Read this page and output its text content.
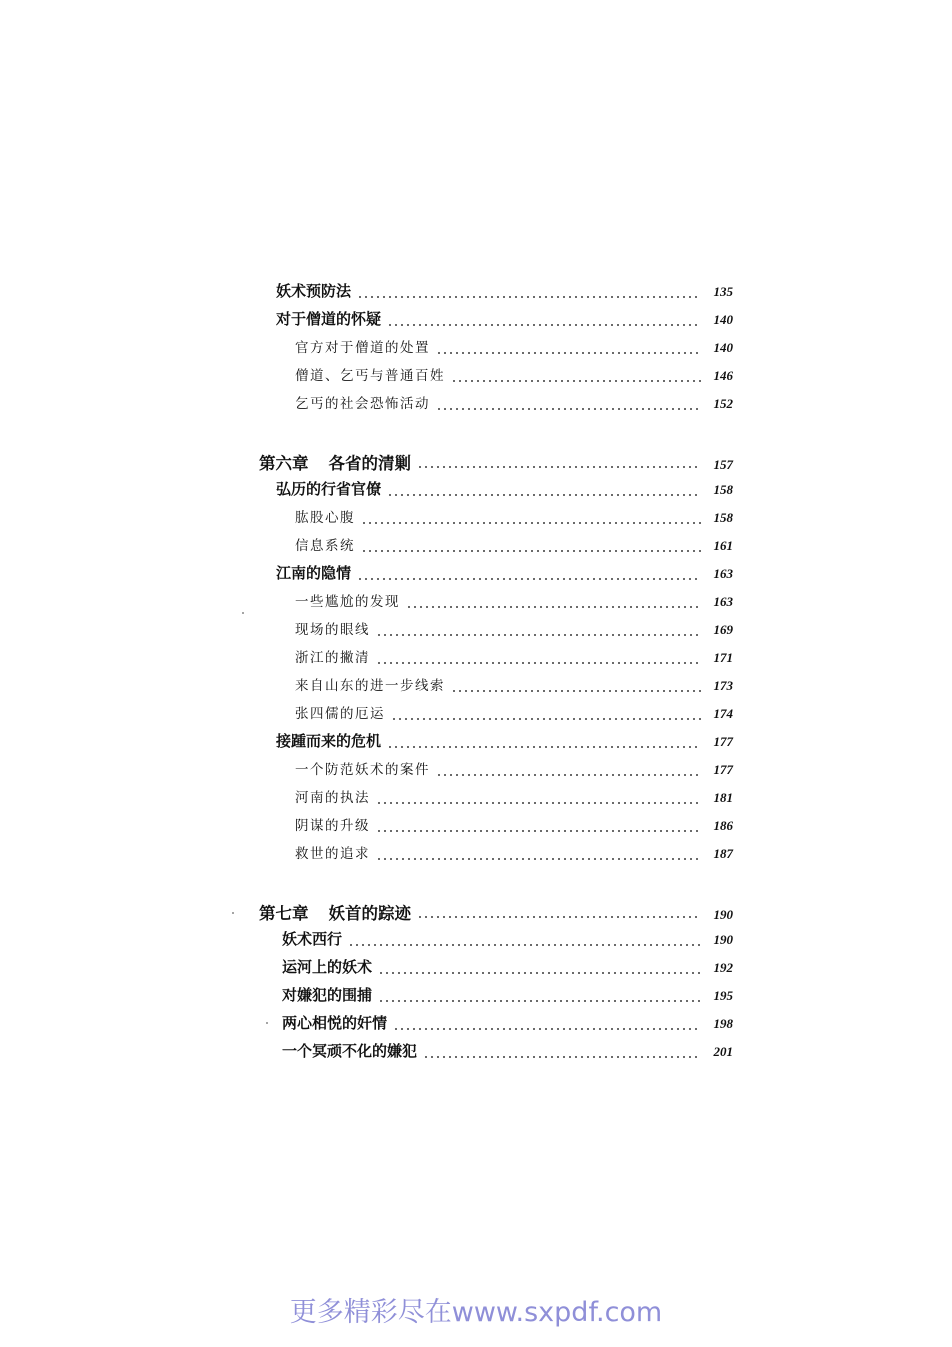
妖术预防法	135
对于僧道的怀疑	140
官方对于僧道的处置	140
僧道、乞丐与普通百姓	146
乞丐的社会恐怖活动	152
第六章 各省的清剿	157
弘历的行省官僚	158
肱股心腹	158
信息系统	161
江南的隐情	163
一些尴尬的发现	163
现场的眼线	169
浙江的撇清	171
来自山东的进一步线索	173
张四儒的厄运	174
接踵而来的危机	177
一个防范妖术的案件	177
河南的执法	181
阴谋的升级	186
救世的追求	187
第七章 妖首的踪迹	190
妖术西行	190
运河上的妖术	192
对嫌犯的围捕	195
两心相悦的奸情	198
一个冥顽不化的嫌犯	201
更多精彩尽在www.sxpdf.com
